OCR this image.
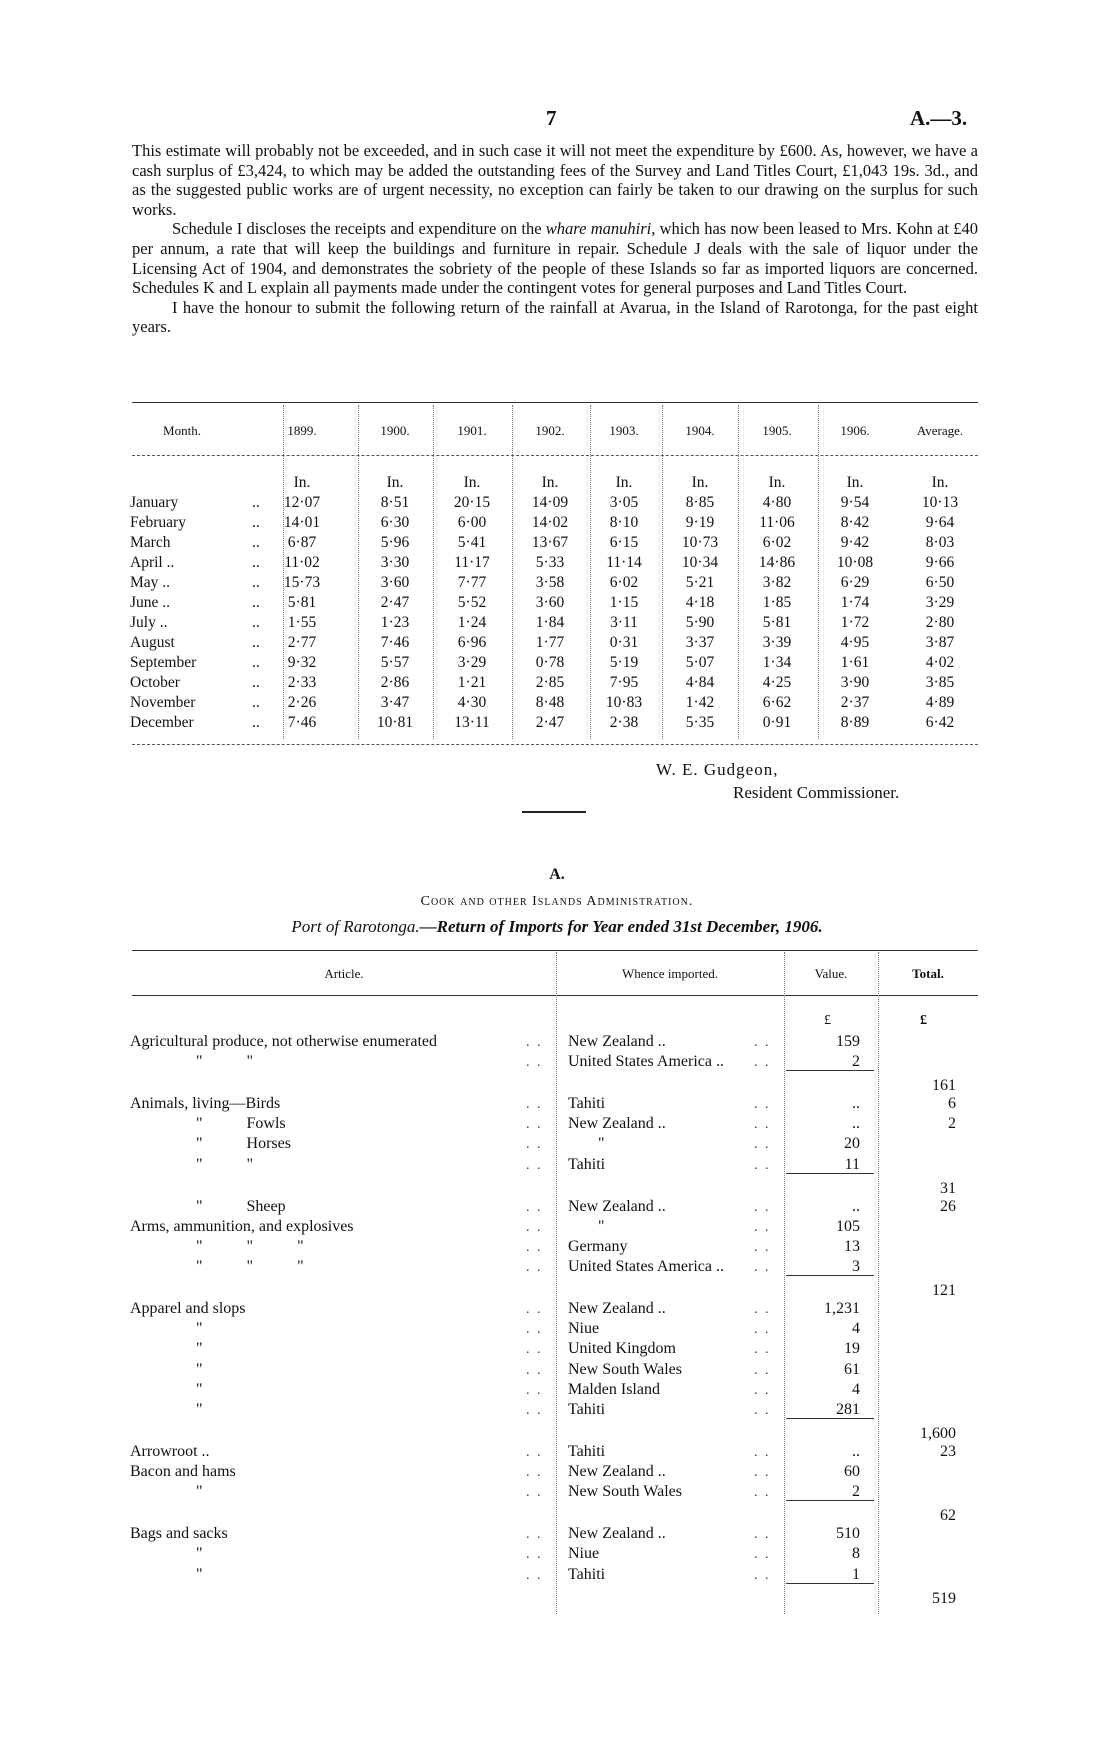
7	A.—3.

This estimate will probably not be exceeded, and in such case it will not meet the expenditure by £600. As, however, we have a cash surplus of £3,424, to which may be added the outstanding fees of the Survey and Land Titles Court, £1,043 19s. 3d., and as the suggested public works are of urgent necessity, no exception can fairly be taken to our drawing on the surplus for such works.

Schedule I discloses the receipts and expenditure on the whare manuhiri, which has now been leased to Mrs. Kohn at £40 per annum, a rate that will keep the buildings and furniture in repair. Schedule J deals with the sale of liquor under the Licensing Act of 1904, and demonstrates the sobriety of the people of these Islands so far as imported liquors are concerned. Schedules K and L explain all payments made under the contingent votes for general purposes and Land Titles Court.

I have the honour to submit the following return of the rainfall at Avarua, in the Island of Rarotonga, for the past eight years.

Month.	1899.	1900.	1901.	1902.	1903.	1904.	1905.	1906.	Average.
In.	In.	In.	In.	In.	In.	In.	In.	In.
January	..	12·07	8·51	20·15	14·09	3·05	8·85	4·80	9·54	10·13
February	..	14·01	6·30	6·00	14·02	8·10	9·19	11·06	8·42	9·64
March	..	6·87	5·96	5·41	13·67	6·15	10·73	6·02	9·42	8·03
April ..	..	11·02	3·30	11·17	5·33	11·14	10·34	14·86	10·08	9·66
May ..	..	15·73	3·60	7·77	3·58	6·02	5·21	3·82	6·29	6·50
June ..	..	5·81	2·47	5·52	3·60	1·15	4·18	1·85	1·74	3·29
July ..	..	1·55	1·23	1·24	1·84	3·11	5·90	5·81	1·72	2·80
August	..	2·77	7·46	6·96	1·77	0·31	3·37	3·39	4·95	3·87
September	..	9·32	5·57	3·29	0·78	5·19	5·07	1·34	1·61	4·02
October	..	2·33	2·86	1·21	2·85	7·95	4·84	4·25	3·90	3·85
November	..	2·26	3·47	4·30	8·48	10·83	1·42	6·62	2·37	4·89
December	..	7·46	10·81	13·11	2·47	2·38	5·35	0·91	8·89	6·42
W. E. Gudgeon,
Resident Commissioner.
A.
Cook and other Islands Administration.
Port of Rarotonga.—Return of Imports for Year ended 31st December, 1906.
Article.	Whence imported.	Value.	Total.
£	£
Agricultural produce, not otherwise enumerated	. . New Zealand ..	. .	159
" "	. . United States America .. . .	2
161
Animals, living—Birds	. . Tahiti	. .	..	6
" Fowls	. . New Zealand ..	. .	..	2
" Horses	. .	"	. .	20
" "	. . Tahiti	. .	11
31
" Sheep	. . New Zealand ..	. .	..	26
Arms, ammunition, and explosives	. .	"	. .	105
" " "	. . Germany	. .	13
" " "	. . United States America .. . .	3
121
Apparel and slops	. . New Zealand ..	. .	1,231
"	. . Niue	. .	4
"	. . United Kingdom	. .	19
"	. . New South Wales	. .	61
"	. . Malden Island	. .	4
"	. . Tahiti	. .	281
1,600
Arrowroot ..	. . Tahiti	. .	..	23
Bacon and hams	. . New Zealand ..	. .	60
"	. . New South Wales	. .	2
62
Bags and sacks	. . New Zealand ..	. .	510
"	. . Niue	. .	8
"	. . Tahiti	. .	1
519
